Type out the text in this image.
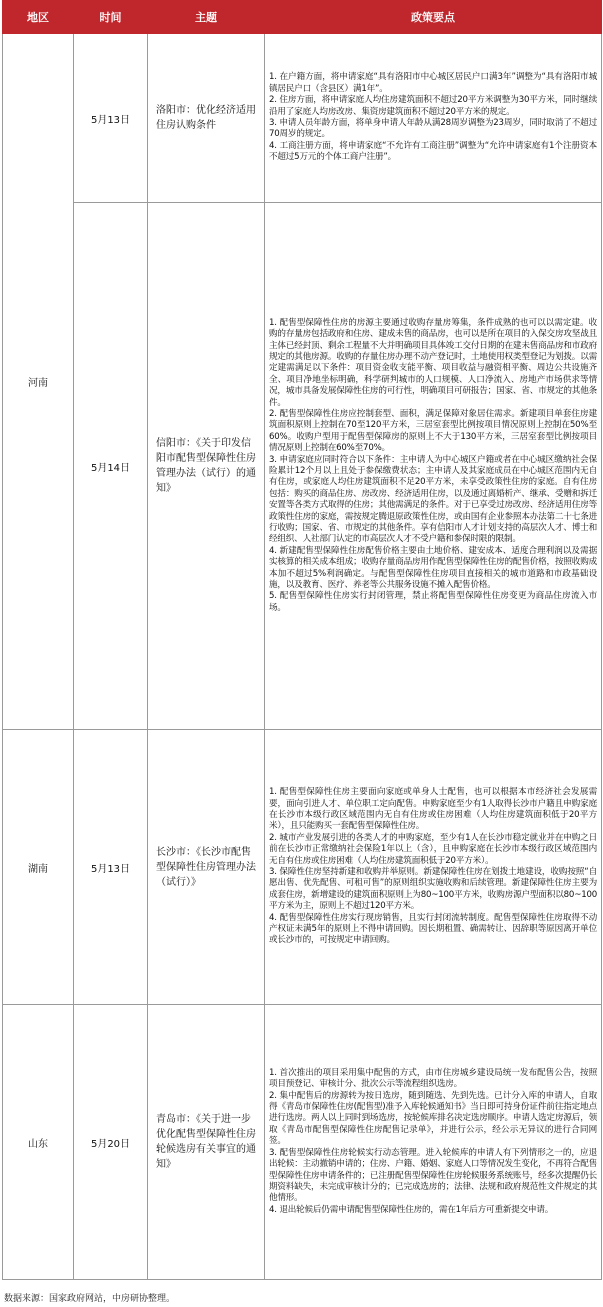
地区	时间	主题	政策要点
河南	5月13日	洛阳市：优化经济适用住房认购条件	1. 在户籍方面，将申请家庭“具有洛阳市中心城区居民户口满3年”调整为“具有洛阳市城镇居民户口（含县区）满1年”。
2. 住房方面，将申请家庭人均住房建筑面积不超过20平方米调整为30平方米，同时继续沿用了家庭人均房改房、集资房建筑面积不超过20平方米的规定。
3. 申请人员年龄方面，将单身申请人年龄从满28周岁调整为23周岁，同时取消了不超过70周岁的规定。
4. 工商注册方面，将申请家庭“不允许有工商注册”调整为“允许申请家庭有1个注册资本不超过5万元的个体工商户注册”。

	5月14日	信阳市：《关于印发信阳市配售型保障性住房管理办法（试行）的通知》	1. 配售型保障性住房的房源主要通过收购存量房筹集，条件成熟的也可以以需定建。收购的存量房包括政府和住房、建成未售的商品房，也可以是所在项目的入保交房攻坚战且主体已经封顶、剩余工程量不大并明确项目具体竣工交付日期的在建未售商品房和市政府规定的其他房源。收购的存量住房办理不动产登记时，土地使用权类型登记为划拨。以需定建需满足以下条件：项目资金收支能平衡、项目收益与融资相平衡、周边公共设施齐全、项目净地坐标明确，科学研判城市的人口规模、人口净流入、房地产市场供求等情况，城市具备发展保障性住房的可行性，明确项目可研报告；国家、省、市规定的其他条件。
2. 配售型保障性住房应控制套型、面积，满足保障对象居住需求。新建项目单套住房建筑面积原则上控制在70至120平方米，三居室套型比例按项目情况原则上控制在50%至60%。收购户型用于配售型保障房的原则上不大于130平方米，三居室套型比例按项目情况原则上控制在60%至70%。
3. 申请家庭应同时符合以下条件：主申请人为中心城区户籍或者在中心城区缴纳社会保险累计12个月以上且处于参保缴费状态；主申请人及其家庭成员在中心城区范围内无自有住房，或家庭人均住房建筑面积不足20平方米，未享受政策性住房的家庭。自有住房包括：购买的商品住房、房改房、经济适用住房，以及通过离婚析产、继承、受赠和拆迁安置等各类方式取得的住房；其他需满足的条件。对于已享受过房改房、经济适用住房等政策性住房的家庭，需按规定腾退原政策性住房，或由国有企业参照本办法第二十七条进行收购；国家、省、市规定的其他条件。享有信阳市人才计划支持的高层次人才、博士和经组织、人社部门认定的市高层次人才不受户籍和参保时限的限制。
4. 新建配售型保障性住房配售价格主要由土地价格、建安成本、适度合理利润以及需据实核算的相关成本组成；收购存量商品房用作配售型保障性住房的配售价格，按照收购成本加不超过5%利润确定。与配售型保障性住房项目直接相关的城市道路和市政基础设施，以及教育、医疗、养老等公共服务设施不摊入配售价格。
5. 配售型保障性住房实行封闭管理，禁止将配售型保障性住房变更为商品住房流入市场。

湖南	5月13日	长沙市：《长沙市配售型保障性住房管理办法（试行）》	1. 配售型保障性住房主要面向家庭或单身人士配售，也可以根据本市经济社会发展需要，面向引进人才、单位职工定向配售。申购家庭至少有1人取得长沙市户籍且申购家庭在长沙市本级行政区域范围内无自有住房或住房困难（人均住房建筑面积低于20平方米），且只能购买一套配售型保障性住房。
2. 城市产业发展引进的各类人才的申购家庭，至少有1人在长沙市稳定就业并在申购之日前在长沙市正常缴纳社会保险1年以上（含），且申购家庭在长沙市本级行政区域范围内无自有住房或住房困难（人均住房建筑面积低于20平方米）。
3. 保障性住房坚持新建和收购并举原则。新建保障性住房在划拨土地建设，收购按照“自愿出售、优先配售、可租可售”的原则组织实施收购和后续管理。新建保障性住房主要为成套住房，新增建设的建筑面积原则上为80~100平方米，收购房源户型面积以80~100平方米为主，原则上不超过120平方米。
4. 配售型保障性住房实行现房销售，且实行封闭流转制度。配售型保障性住房取得不动产权证未满5年的原则上不得申请回购。因长期租置、确需转让、因辞职等原因离开单位或长沙市的，可按规定申请回购。

山东	5月20日	青岛市：《关于进一步优化配售型保障性住房轮候选房有关事宜的通知》	1. 首次推出的项目采用集中配售的方式，由市住房城乡建设局统一发布配售公告，按照项目预登记、审核计分、批次公示等流程组织选房。
2. 集中配售后的房源转为按日选房，随到随选、先到先选。已计分入库的申请人，自取得《青岛市保障性住房(配售型)准予入库轮候通知书》当日即可持身份证件前往指定地点进行选房。两人以上同时到场选房，按轮候库排名决定选房顺序。申请人选定房源后，领取《青岛市配售型保障性住房配售记录单》，并进行公示，经公示无异议的进行合同网签。
3. 配售型保障性住房轮候实行动态管理。进入轮候库的申请人有下列情形之一的，应退出轮候：主动撤销申请的；住房、户籍、婚姻、家庭人口等情况发生变化，不再符合配售型保障性住房申请条件的；已注册配售型保障性住房轮候服务系统账号，经多次提醒仍长期资料缺失，未完成审核计分的；已完成选房的；法律、法规和政府规范性文件规定的其他情形。
4. 退出轮候后仍需申请配售型保障性住房的，需在1年后方可重新提交申请。
数据来源：国家政府网站，中房研协整理。
